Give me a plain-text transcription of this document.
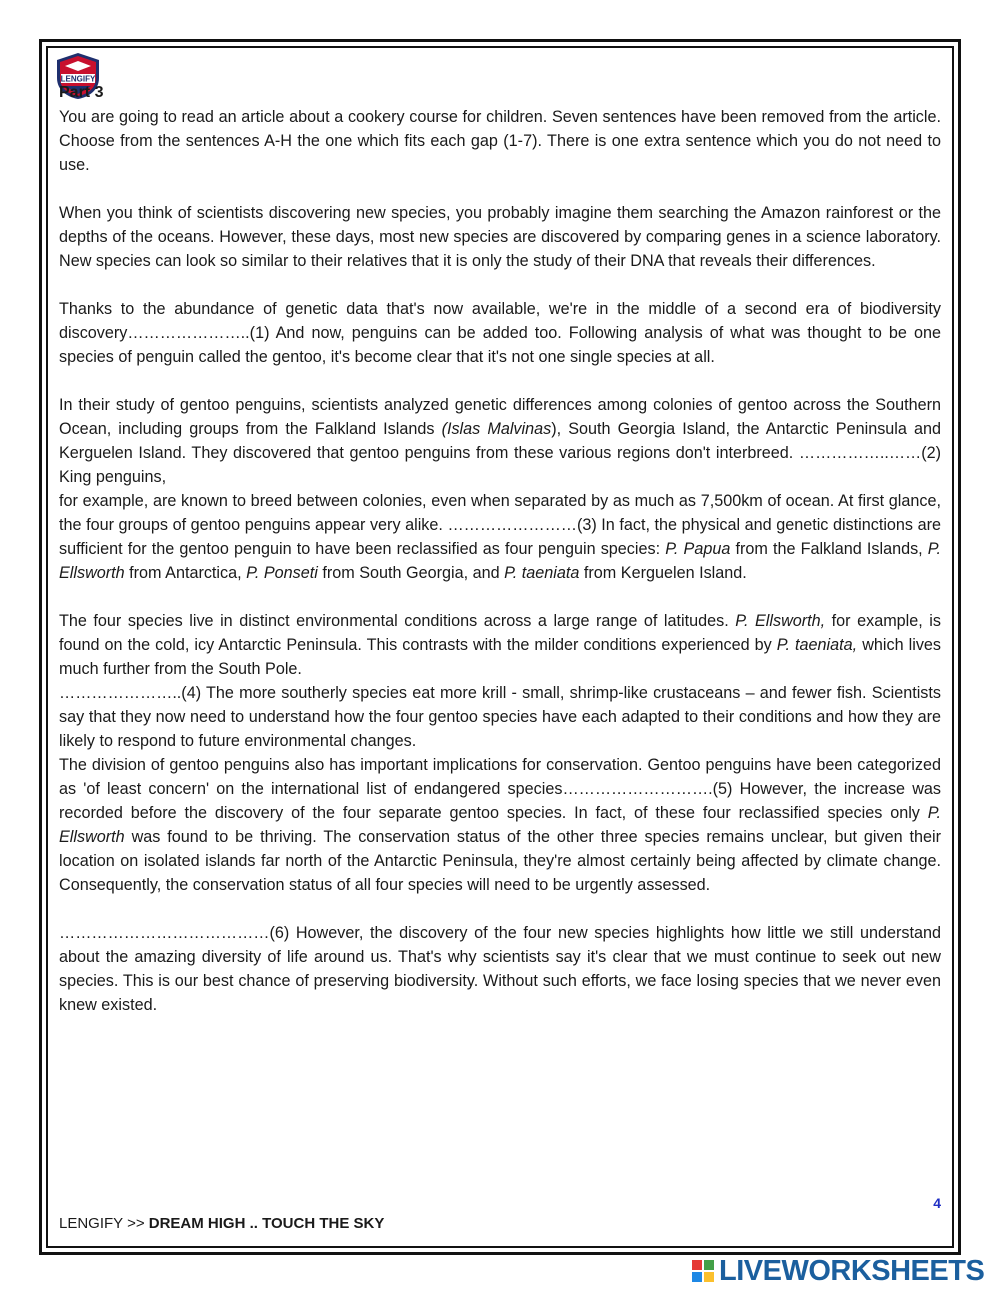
LENGIFY

Part 3

You are going to read an article about a cookery course for children. Seven sentences have been removed from the article. Choose from the sentences A-H the one which fits each gap (1-7). There is one extra sentence which you do not need to use.

When you think of scientists discovering new species, you probably imagine them searching the Amazon rainforest or the depths of the oceans. However, these days, most new species are discovered by comparing genes in a science laboratory. New species can look so similar to their relatives that it is only the study of their DNA that reveals their differences.

Thanks to the abundance of genetic data that's now available, we're in the middle of a second era of biodiversity discovery…………………..(1) And now, penguins can be added too. Following analysis of what was thought to be one species of penguin called the gentoo, it's become clear that it's not one single species at all.

In their study of gentoo penguins, scientists analyzed genetic differences among colonies of gentoo across the Southern Ocean, including groups from the Falkland Islands (Islas Malvinas), South Georgia Island, the Antarctic Peninsula and Kerguelen Island. They discovered that gentoo penguins from these various regions don't interbreed. ……………..……(2) King penguins,

for example, are known to breed between colonies, even when separated by as much as 7,500km of ocean. At first glance, the four groups of gentoo penguins appear very alike. ……………………(3) In fact, the physical and genetic distinctions are sufficient for the gentoo penguin to have been reclassified as four penguin species: P. Papua from the Falkland Islands, P. Ellsworth from Antarctica, P. Ponseti from South Georgia, and P. taeniata from Kerguelen Island.

The four species live in distinct environmental conditions across a large range of latitudes. P. Ellsworth, for example, is found on the cold, icy Antarctic Peninsula. This contrasts with the milder conditions experienced by P. taeniata, which lives much further from the South Pole.

…………………..(4) The more southerly species eat more krill - small, shrimp-like crustaceans – and fewer fish. Scientists say that they now need to understand how the four gentoo species have each adapted to their conditions and how they are likely to respond to future environmental changes.

The division of gentoo penguins also has important implications for conservation. Gentoo penguins have been categorized as 'of least concern' on the international list of endangered species……………………….(5) However, the increase was recorded before the discovery of the four separate gentoo species. In fact, of these four reclassified species only P. Ellsworth was found to be thriving. The conservation status of the other three species remains unclear, but given their location on isolated islands far north of the Antarctic Peninsula, they're almost certainly being affected by climate change. Consequently, the conservation status of all four species will need to be urgently assessed.

…………………………………(6) However, the discovery of the four new species highlights how little we still understand about the amazing diversity of life around us. That's why scientists say it's clear that we must continue to seek out new species. This is our best chance of preserving biodiversity. Without such efforts, we face losing species that we never even knew existed.

4
LENGIFY >> DREAM HIGH .. TOUCH THE SKY
LIVEWORKSHEETS
